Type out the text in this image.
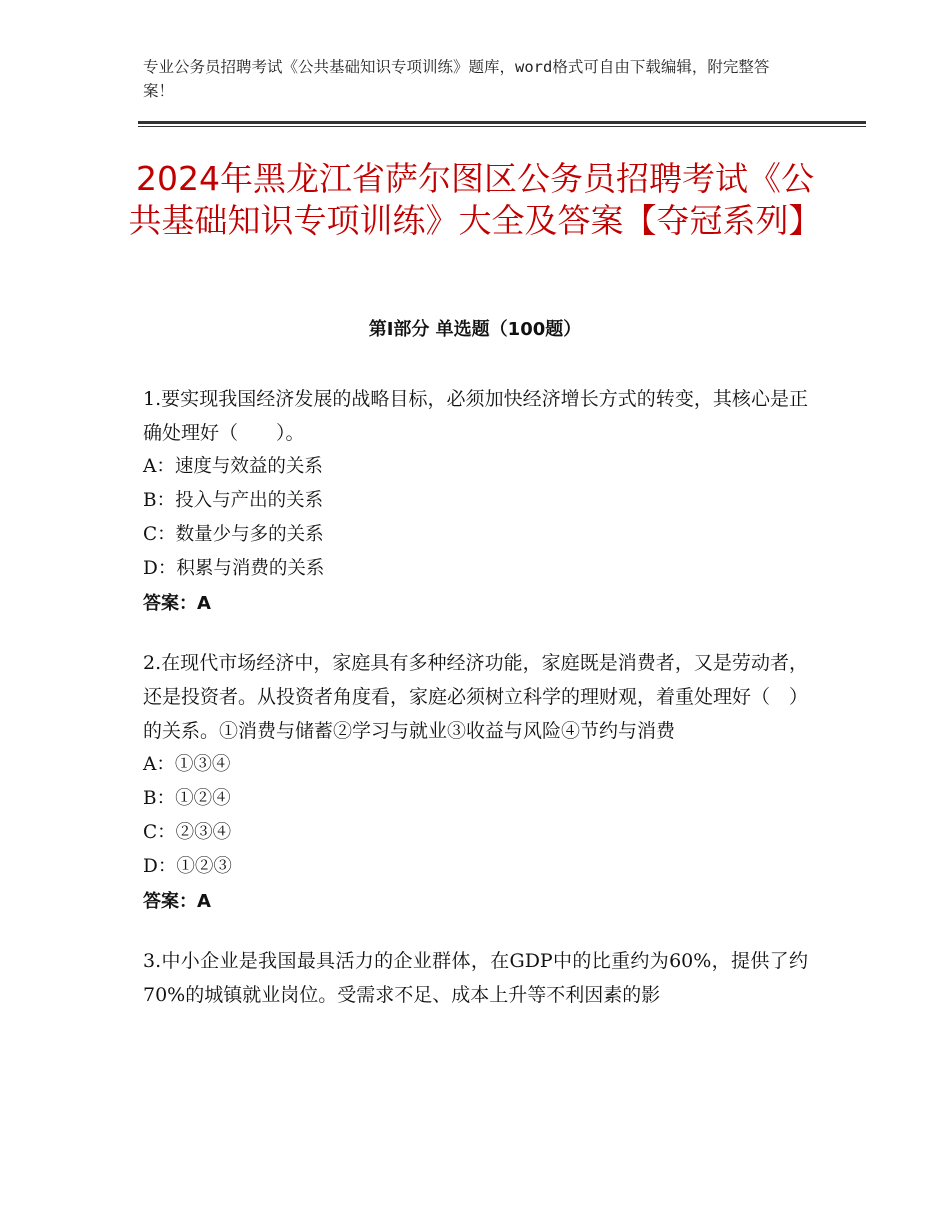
专业公务员招聘考试《公共基础知识专项训练》题库，word格式可自由下载编辑，附完整答案！
2024年黑龙江省萨尔图区公务员招聘考试《公共基础知识专项训练》大全及答案【夺冠系列】
第Ⅰ部分 单选题（100题）

1.要实现我国经济发展的战略目标，必须加快经济增长方式的转变，其核心是正确处理好（　　）。

A：速度与效益的关系

B：投入与产出的关系

C：数量少与多的关系

D：积累与消费的关系

答案：A

2.在现代市场经济中，家庭具有多种经济功能，家庭既是消费者，又是劳动者，还是投资者。从投资者角度看，家庭必须树立科学的理财观，着重处理好（　）的关系。①消费与储蓄②学习与就业③收益与风险④节约与消费

A：①③④

B：①②④

C：②③④

D：①②③

答案：A

3.中小企业是我国最具活力的企业群体，在GDP中的比重约为60%，提供了约70%的城镇就业岗位。受需求不足、成本上升等不利因素的影
